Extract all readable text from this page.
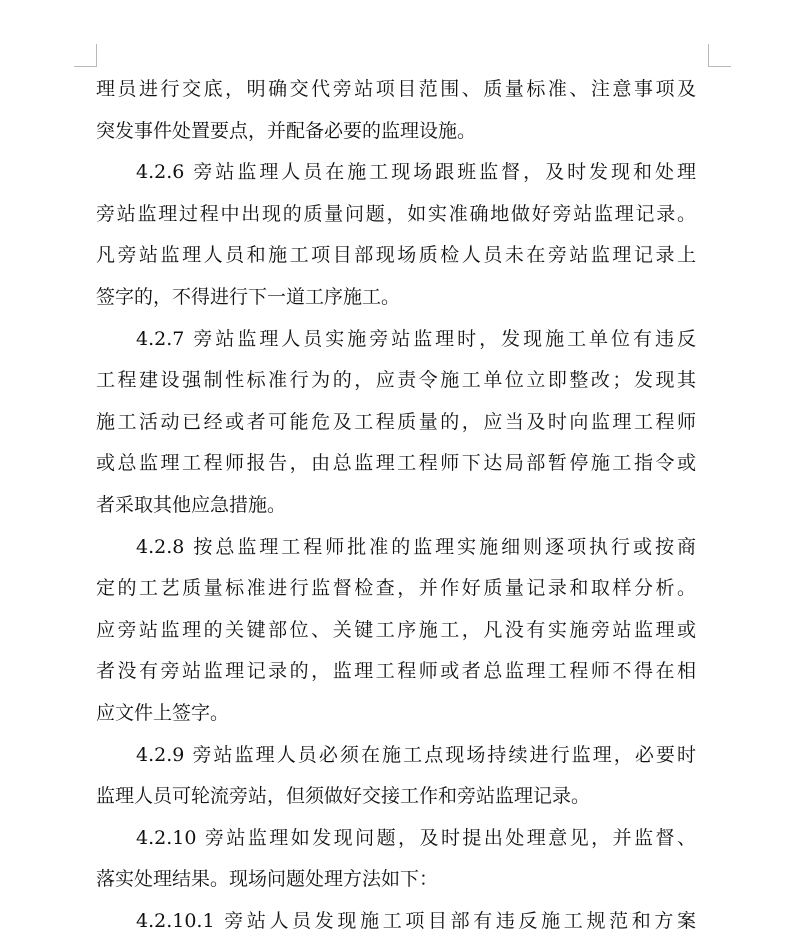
理员进行交底，明确交代旁站项目范围、质量标准、注意事项及
突发事件处置要点，并配备必要的监理设施。
4.2.6 旁站监理人员在施工现场跟班监督，及时发现和处理
旁站监理过程中出现的质量问题，如实准确地做好旁站监理记录。
凡旁站监理人员和施工项目部现场质检人员未在旁站监理记录上
签字的，不得进行下一道工序施工。
4.2.7 旁站监理人员实施旁站监理时，发现施工单位有违反
工程建设强制性标准行为的，应责令施工单位立即整改；发现其
施工活动已经或者可能危及工程质量的，应当及时向监理工程师
或总监理工程师报告，由总监理工程师下达局部暂停施工指令或
者采取其他应急措施。
4.2.8 按总监理工程师批准的监理实施细则逐项执行或按商
定的工艺质量标准进行监督检查，并作好质量记录和取样分析。
应旁站监理的关键部位、关键工序施工，凡没有实施旁站监理或
者没有旁站监理记录的，监理工程师或者总监理工程师不得在相
应文件上签字。
4.2.9 旁站监理人员必须在施工点现场持续进行监理，必要时
监理人员可轮流旁站，但须做好交接工作和旁站监理记录。
4.2.10 旁站监理如发现问题，及时提出处理意见，并监督、
落实处理结果。现场问题处理方法如下：
4.2.10.1 旁站人员发现施工项目部有违反施工规范和方案
